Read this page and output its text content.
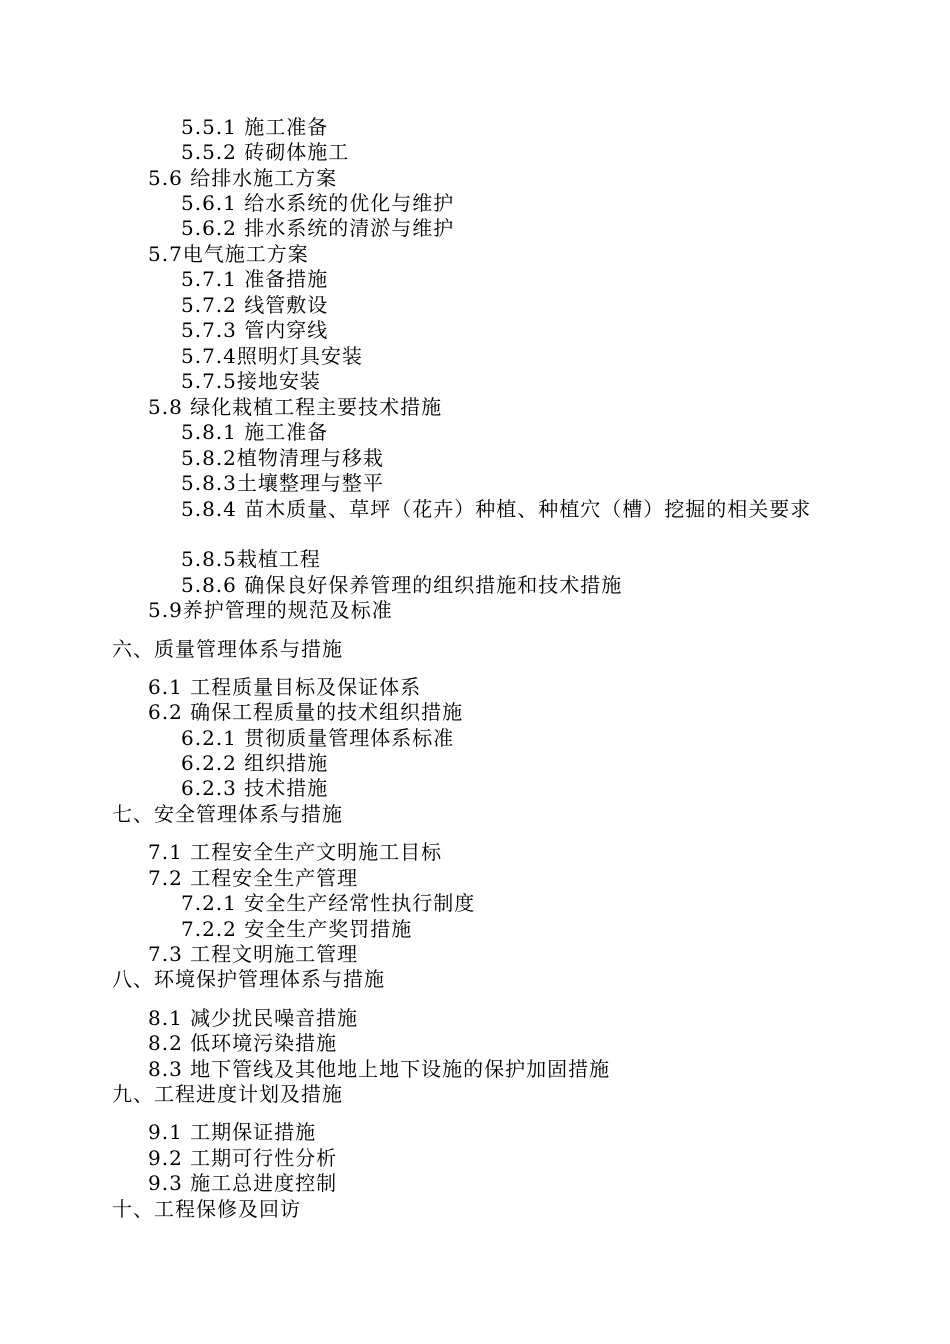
5.5.1 施工准备
5.5.2 砖砌体施工
5.6 给排水施工方案
5.6.1 给水系统的优化与维护
5.6.2 排水系统的清淤与维护
5.7电气施工方案
5.7.1 准备措施
5.7.2 线管敷设
5.7.3 管内穿线
5.7.4照明灯具安装
5.7.5接地安装
5.8 绿化栽植工程主要技术措施
5.8.1 施工准备
5.8.2植物清理与移栽
5.8.3土壤整理与整平
5.8.4 苗木质量、草坪（花卉）种植、种植穴（槽）挖掘的相关要求
5.8.5栽植工程
5.8.6 确保良好保养管理的组织措施和技术措施
5.9养护管理的规范及标准
六、质量管理体系与措施
6.1 工程质量目标及保证体系
6.2 确保工程质量的技术组织措施
6.2.1 贯彻质量管理体系标准
6.2.2 组织措施
6.2.3 技术措施
七、安全管理体系与措施
7.1 工程安全生产文明施工目标
7.2 工程安全生产管理
7.2.1 安全生产经常性执行制度
7.2.2 安全生产奖罚措施
7.3 工程文明施工管理
八、环境保护管理体系与措施
8.1 减少扰民噪音措施
8.2 低环境污染措施
8.3 地下管线及其他地上地下设施的保护加固措施
九、工程进度计划及措施
9.1 工期保证措施
9.2 工期可行性分析
9.3 施工总进度控制
十、工程保修及回访
